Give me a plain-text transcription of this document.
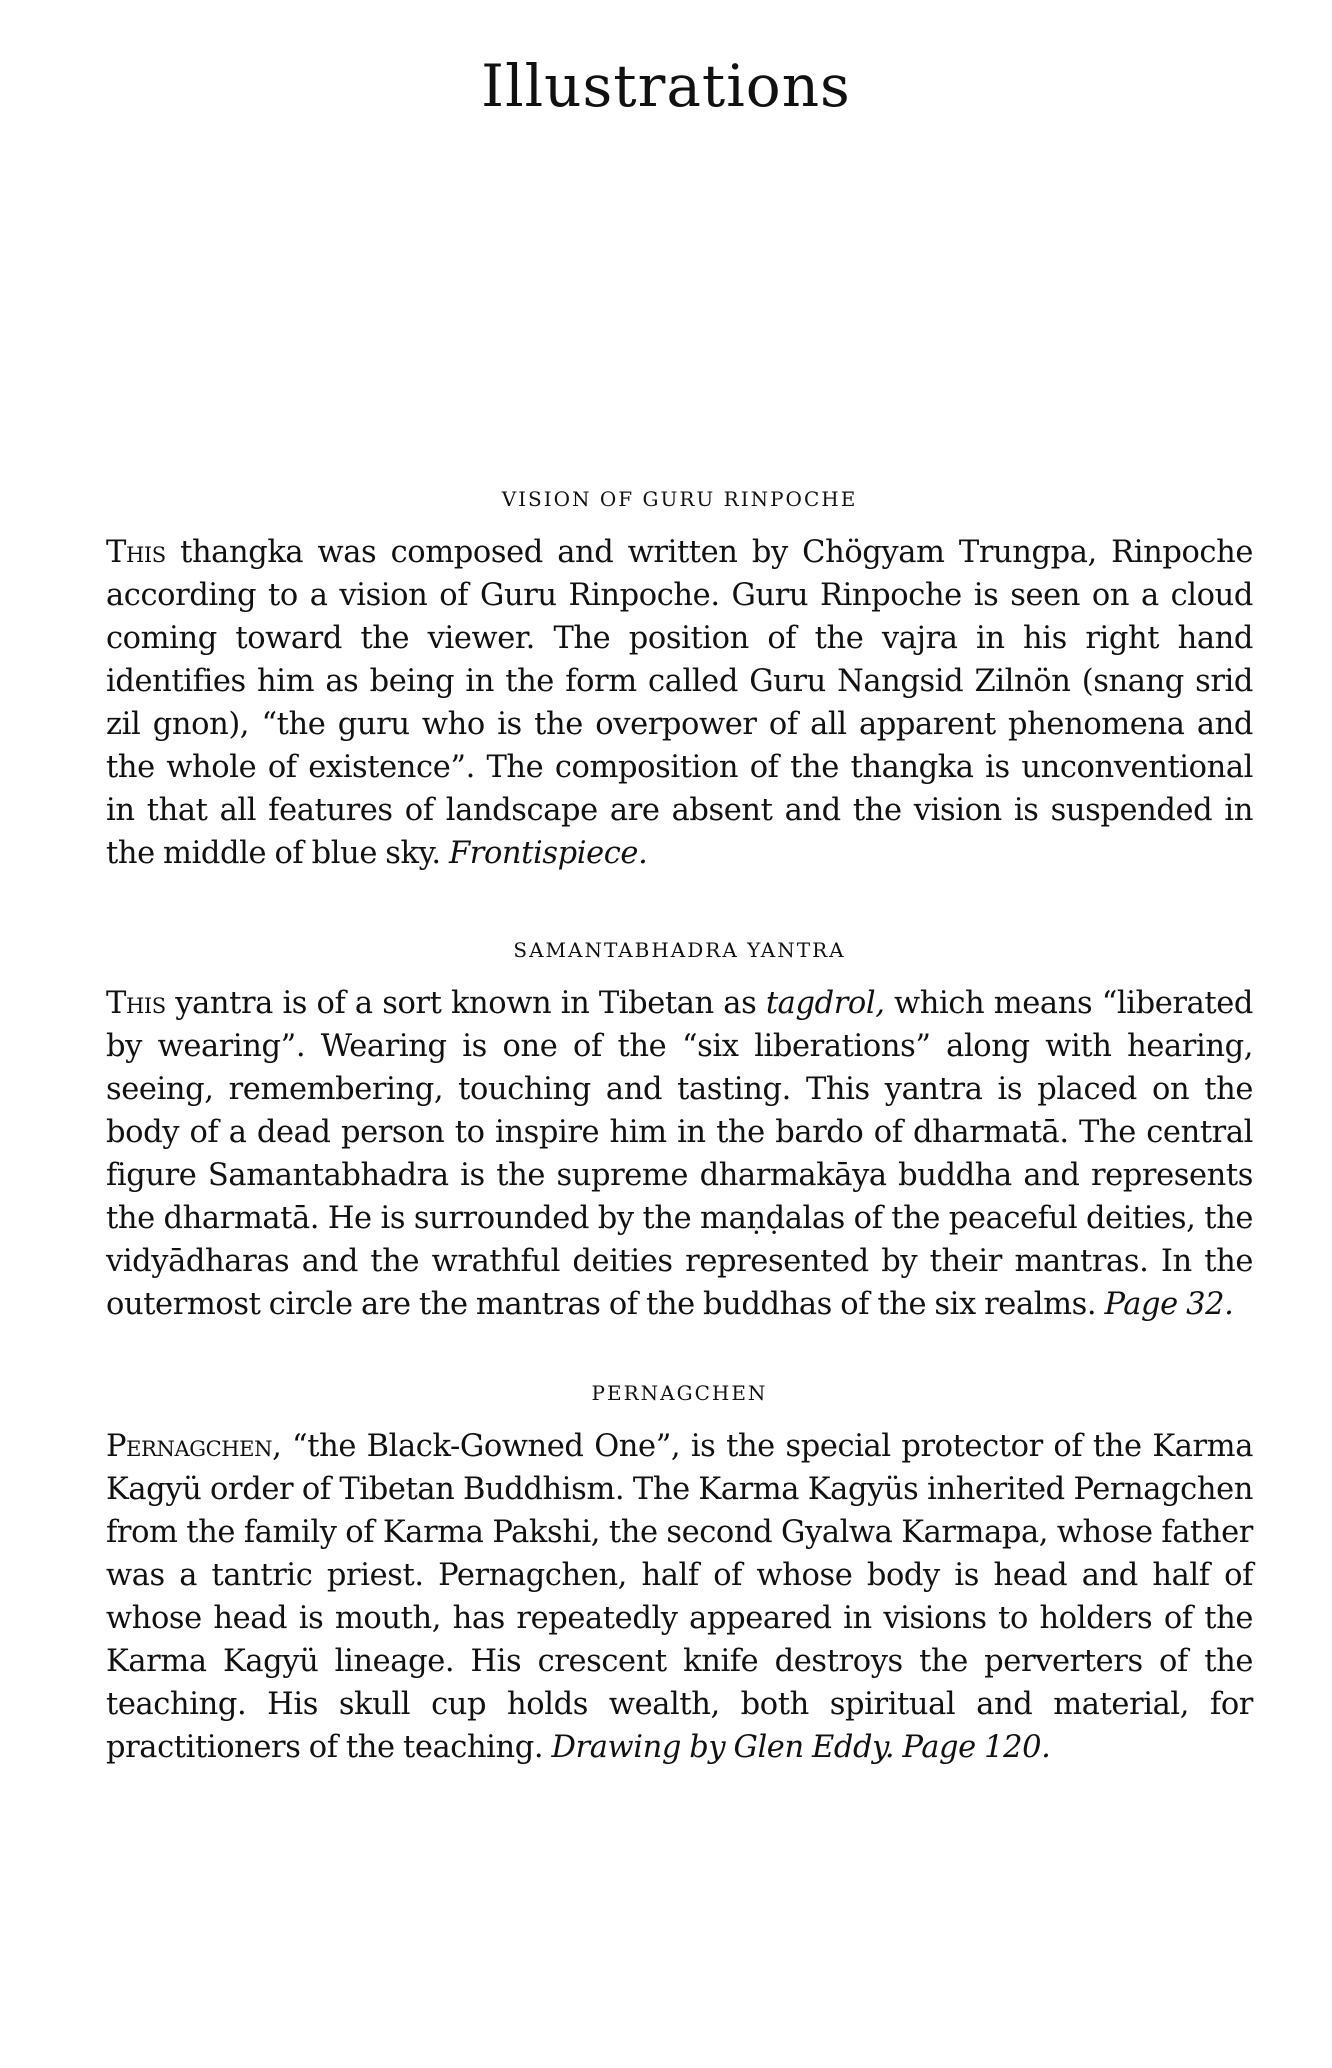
Illustrations
VISION OF GURU RINPOCHE

This thangka was composed and written by Chögyam Trungpa, Rinpoche according to a vision of Guru Rinpoche. Guru Rinpoche is seen on a cloud coming toward the viewer. The position of the vajra in his right hand identifies him as being in the form called Guru Nangsid Zilnön (snang srid zil gnon), “the guru who is the overpower of all apparent phenomena and the whole of existence”. The composition of the thangka is unconventional in that all features of landscape are absent and the vision is suspended in the middle of blue sky. Frontispiece.

SAMANTABHADRA YANTRA

This yantra is of a sort known in Tibetan as tagdrol, which means “liberated by wearing”. Wearing is one of the “six liberations” along with hearing, seeing, remembering, touching and tasting. This yantra is placed on the body of a dead person to inspire him in the bardo of dharmatā. The central figure Samantabhadra is the supreme dharmakāya buddha and represents the dharmatā. He is surrounded by the maṇḍalas of the peaceful deities, the vidyādharas and the wrathful deities represented by their mantras. In the outermost circle are the mantras of the buddhas of the six realms. Page 32.

PERNAGCHEN

Pernagchen, “the Black-Gowned One”, is the special protector of the Karma Kagyü order of Tibetan Buddhism. The Karma Kagyüs inherited Pernagchen from the family of Karma Pakshi, the second Gyalwa Karmapa, whose father was a tantric priest. Pernagchen, half of whose body is head and half of whose head is mouth, has repeatedly appeared in visions to holders of the Karma Kagyü lineage. His crescent knife destroys the perverters of the teaching. His skull cup holds wealth, both spiritual and material, for practitioners of the teaching. Drawing by Glen Eddy. Page 120.
